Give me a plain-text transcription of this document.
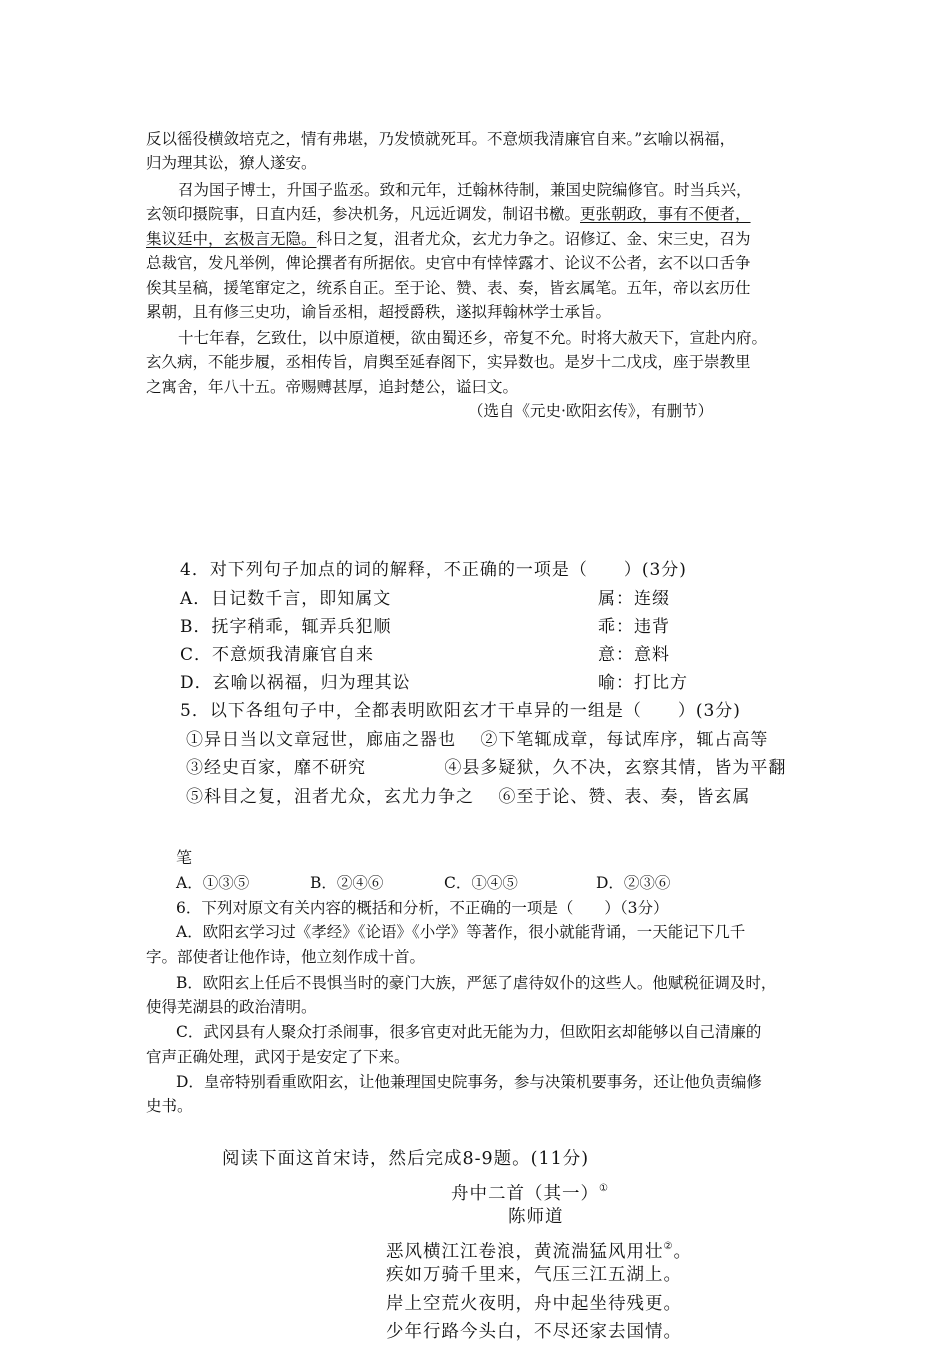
反以徭役横敛培克之，情有弗堪，乃发愤就死耳。不意烦我清廉官自来。”玄喻以祸福，
归为理其讼，獠人遂安。
召为国子博士，升国子监丞。致和元年，迁翰林待制，兼国史院编修官。时当兵兴，
玄领印摄院事，日直内廷，参决机务，凡远近调发，制诏书檄。更张朝政，事有不便者，
集议廷中，玄极言无隐。科日之复，沮者尤众，玄尤力争之。诏修辽、金、宋三史，召为
总裁官，发凡举例，俾论撰者有所据依。史官中有悻悻露才、论议不公者，玄不以口舌争
俟其呈稿，援笔窜定之，统系自正。至于论、赞、表、奏，皆玄属笔。五年，帝以玄历仕
累朝，且有修三史功，谕旨丞相，超授爵秩，遂拟拜翰林学士承旨。
十七年春，乞致仕，以中原道梗，欲由蜀还乡，帝复不允。时将大赦天下，宣赴内府。
玄久病，不能步履，丞相传旨，肩舆至延春阁下，实异数也。是岁十二戊戌，座于崇教里
之寓舍，年八十五。帝赐赙甚厚，追封楚公，谥曰文。
（选自《元史·欧阳玄传》，有删节）
4．对下列句子加点的词的解释，不正确的一项是（　　）(3分)
A．日记数千言，即知属文	属：连缀
B．抚字稍乖，辄弄兵犯顺	乖：违背
C．不意烦我清廉官自来	意：意料
D．玄喻以祸福，归为理其讼	喻：打比方
5．以下各组句子中，全都表明欧阳玄才干卓异的一组是（　　）(3分)
①异日当以文章冠世，廊庙之器也　 ②下笔辄成章，每试库序，辄占高等
③经史百家，靡不研究　　　　 ④县多疑狱，久不决，玄察其情，皆为平翻
⑤科目之复，沮者尤众，玄尤力争之　 ⑥至于论、赞、表、奏，皆玄属
笔
A．①③⑤	B．②④⑥	C．①④⑤	D．②③⑥
6．下列对原文有关内容的概括和分析，不正确的一项是（　　）（3分）
A．欧阳玄学习过《孝经》《论语》《小学》等著作，很小就能背诵，一天能记下几千
字。部使者让他作诗，他立刻作成十首。
B．欧阳玄上任后不畏惧当时的豪门大族，严惩了虐待奴仆的这些人。他赋税征调及时，
使得芜湖县的政治清明。
C．武冈县有人聚众打杀闹事，很多官吏对此无能为力，但欧阳玄却能够以自己清廉的
官声正确处理，武冈于是安定了下来。
D．皇帝特别看重欧阳玄，让他兼理国史院事务，参与决策机要事务，还让他负责编修
史书。
阅读下面这首宋诗，然后完成8-9题。(11分)
舟中二首（其一）①
陈师道
恶风横江江卷浪，黄流湍猛风用壮②。
疾如万骑千里来，气压三江五湖上。
岸上空荒火夜明，舟中起坐待残更。
少年行路今头白，不尽还家去国情。
